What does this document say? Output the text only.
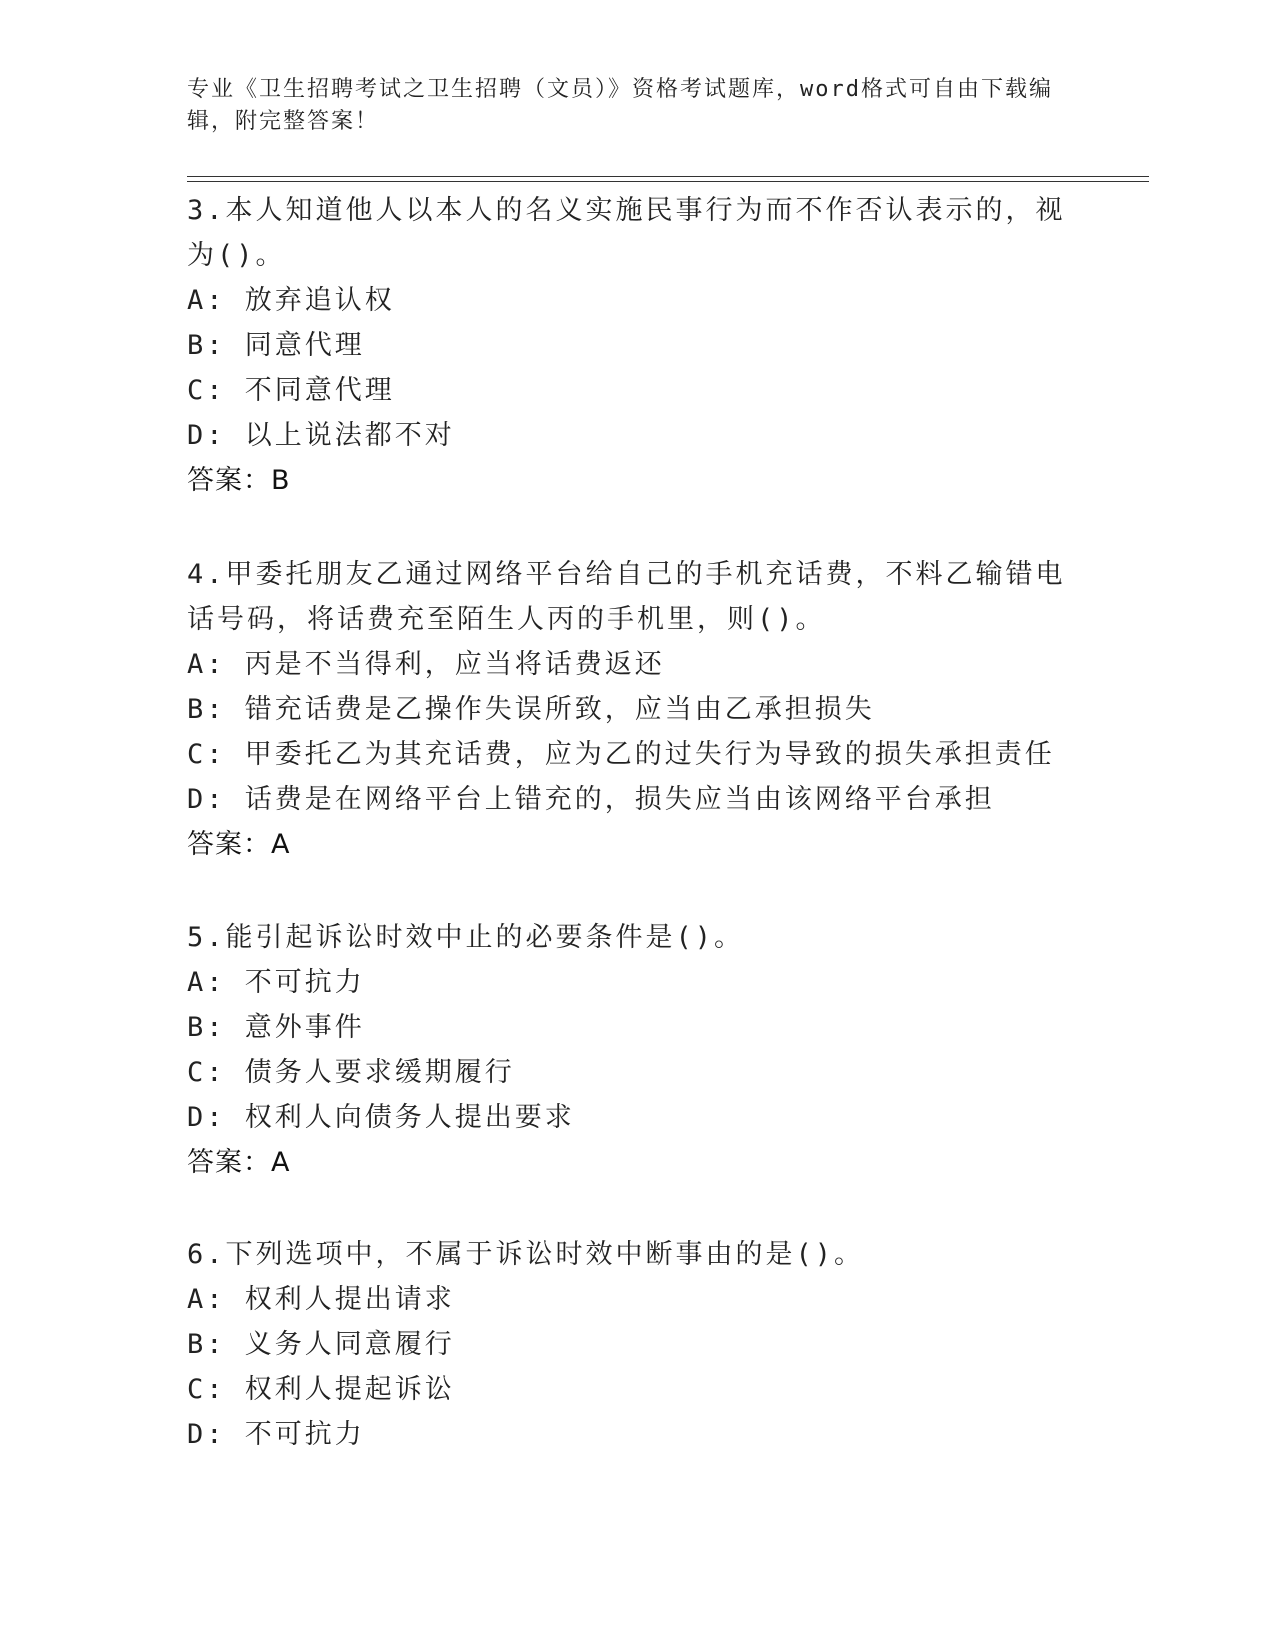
专业《卫生招聘考试之卫生招聘（文员）》资格考试题库，word格式可自由下载编辑，附完整答案！
3.本人知道他人以本人的名义实施民事行为而不作否认表示的，视为()。
A: 放弃追认权
B: 同意代理
C: 不同意代理
D: 以上说法都不对
答案：B
4.甲委托朋友乙通过网络平台给自己的手机充话费，不料乙输错电话号码，将话费充至陌生人丙的手机里，则()。
A: 丙是不当得利，应当将话费返还
B: 错充话费是乙操作失误所致，应当由乙承担损失
C: 甲委托乙为其充话费，应为乙的过失行为导致的损失承担责任
D: 话费是在网络平台上错充的，损失应当由该网络平台承担
答案：A
5.能引起诉讼时效中止的必要条件是()。
A: 不可抗力
B: 意外事件
C: 债务人要求缓期履行
D: 权利人向债务人提出要求
答案：A
6.下列选项中，不属于诉讼时效中断事由的是()。
A: 权利人提出请求
B: 义务人同意履行
C: 权利人提起诉讼
D: 不可抗力
